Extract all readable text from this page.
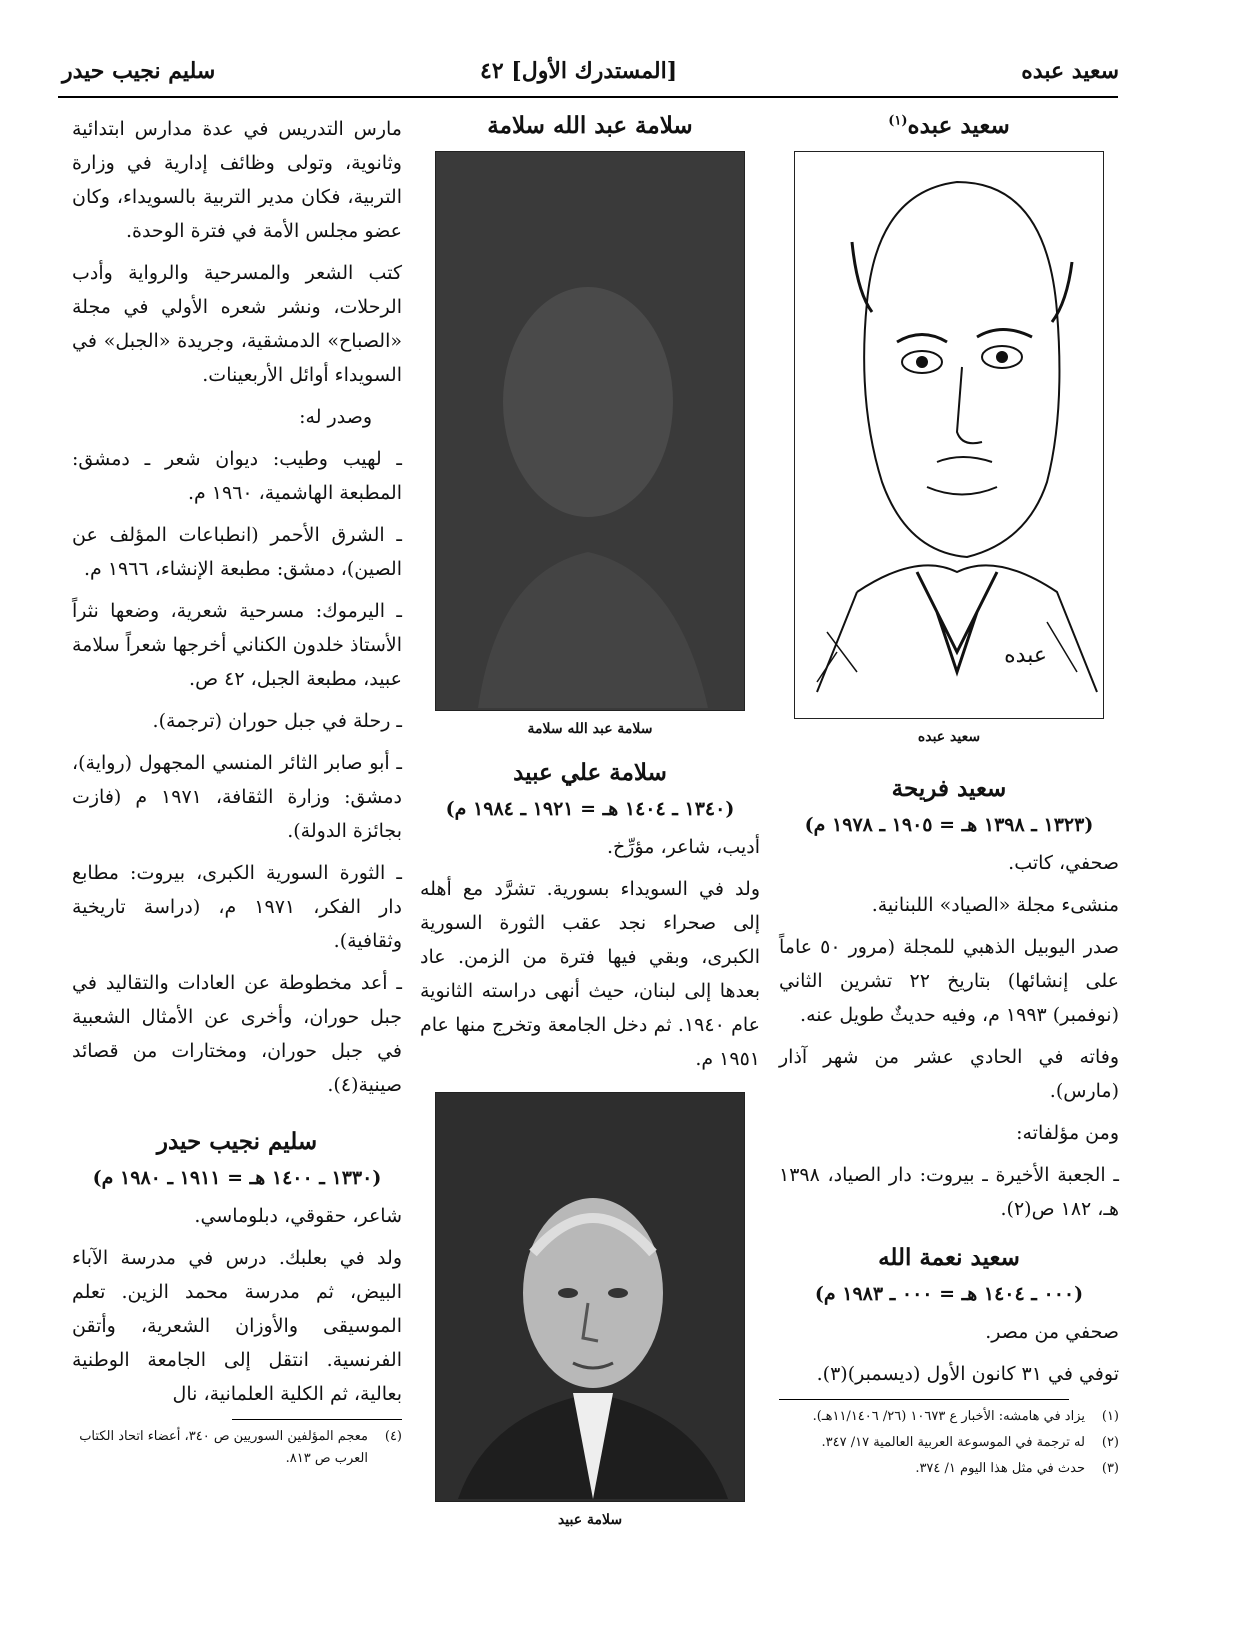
سعيد عبده
[المستدرك الأول] ٤٢
سليم نجيب حيدر
سعيد عبده$^{(١)}$
عبده
سعيد عبده
سعيد فريحة
(١٣٢٣ ـ ١٣٩٨ هـ = ١٩٠٥ ـ ١٩٧٨ م)

صحفي، كاتب.

منشىء مجلة «الصياد» اللبنانية.

صدر اليوبيل الذهبي للمجلة (مرور ٥٠ عاماً على إنشائها) بتاريخ ٢٢ تشرين الثاني (نوفمبر) ١٩٩٣ م، وفيه حديثٌ طويل عنه.

وفاته في الحادي عشر من شهر آذار (مارس).

ومن مؤلفاته:

ـ الجعبة الأخيرة ـ بيروت: دار الصياد، ١٣٩٨ هـ، ١٨٢ ص(٢).

سعيد نعمة الله
(٠٠٠ ـ ١٤٠٤ هـ = ٠٠٠ ـ ١٩٨٣ م)

صحفي من مصر.

توفي في ٣١ كانون الأول (ديسمبر)(٣).

(١)
يزاد في هامشه: الأخبار ع ١٠٦٧٣ (٢٦/ ١١/١٤٠٦هـ).
(٢)
له ترجمة في الموسوعة العربية العالمية ١٧/ ٣٤٧.
(٣)
حدث في مثل هذا اليوم ١/ ٣٧٤.
سلامة عبد الله سلامة
سلامة عبد الله سلامة
سلامة علي عبيد
(١٣٤٠ ـ ١٤٠٤ هـ = ١٩٢١ ـ ١٩٨٤ م)

أديب، شاعر، مؤرِّخ.

ولد في السويداء بسورية. تشرَّد مع أهله إلى صحراء نجد عقب الثورة السورية الكبرى، وبقي فيها فترة من الزمن. عاد بعدها إلى لبنان، حيث أنهى دراسته الثانوية عام ١٩٤٠. ثم دخل الجامعة وتخرج منها عام ١٩٥١ م.

سلامة عبيد

مارس التدريس في عدة مدارس ابتدائية وثانوية، وتولى وظائف إدارية في وزارة التربية، فكان مدير التربية بالسويداء، وكان عضو مجلس الأمة في فترة الوحدة.

كتب الشعر والمسرحية والرواية وأدب الرحلات، ونشر شعره الأولي في مجلة «الصباح» الدمشقية، وجريدة «الجبل» في السويداء أوائل الأربعينات.

وصدر له:

ـ لهيب وطيب: ديوان شعر ـ دمشق: المطبعة الهاشمية، ١٩٦٠ م.
ـ الشرق الأحمر (انطباعات المؤلف عن الصين)، دمشق: مطبعة الإنشاء، ١٩٦٦ م.
ـ اليرموك: مسرحية شعرية، وضعها نثراً الأستاذ خلدون الكناني أخرجها شعراً سلامة عبيد، مطبعة الجبل، ٤٢ ص.
ـ رحلة في جبل حوران (ترجمة).
ـ أبو صابر الثائر المنسي المجهول (رواية)، دمشق: وزارة الثقافة، ١٩٧١ م (فازت بجائزة الدولة).
ـ الثورة السورية الكبرى، بيروت: مطابع دار الفكر، ١٩٧١ م، (دراسة تاريخية وثقافية).
ـ أعد مخطوطة عن العادات والتقاليد في جبل حوران، وأخرى عن الأمثال الشعبية في جبل حوران، ومختارات من قصائد صينية(٤).
سليم نجيب حيدر
(١٣٣٠ ـ ١٤٠٠ هـ = ١٩١١ ـ ١٩٨٠ م)

شاعر، حقوقي، دبلوماسي.

ولد في بعلبك. درس في مدرسة الآباء البيض، ثم مدرسة محمد الزين. تعلم الموسيقى والأوزان الشعرية، وأتقن الفرنسية. انتقل إلى الجامعة الوطنية بعالية، ثم الكلية العلمانية، نال

(٤)
معجم المؤلفين السوريين ص ٣٤٠، أعضاء اتحاد الكتاب العرب ص ٨١٣.
